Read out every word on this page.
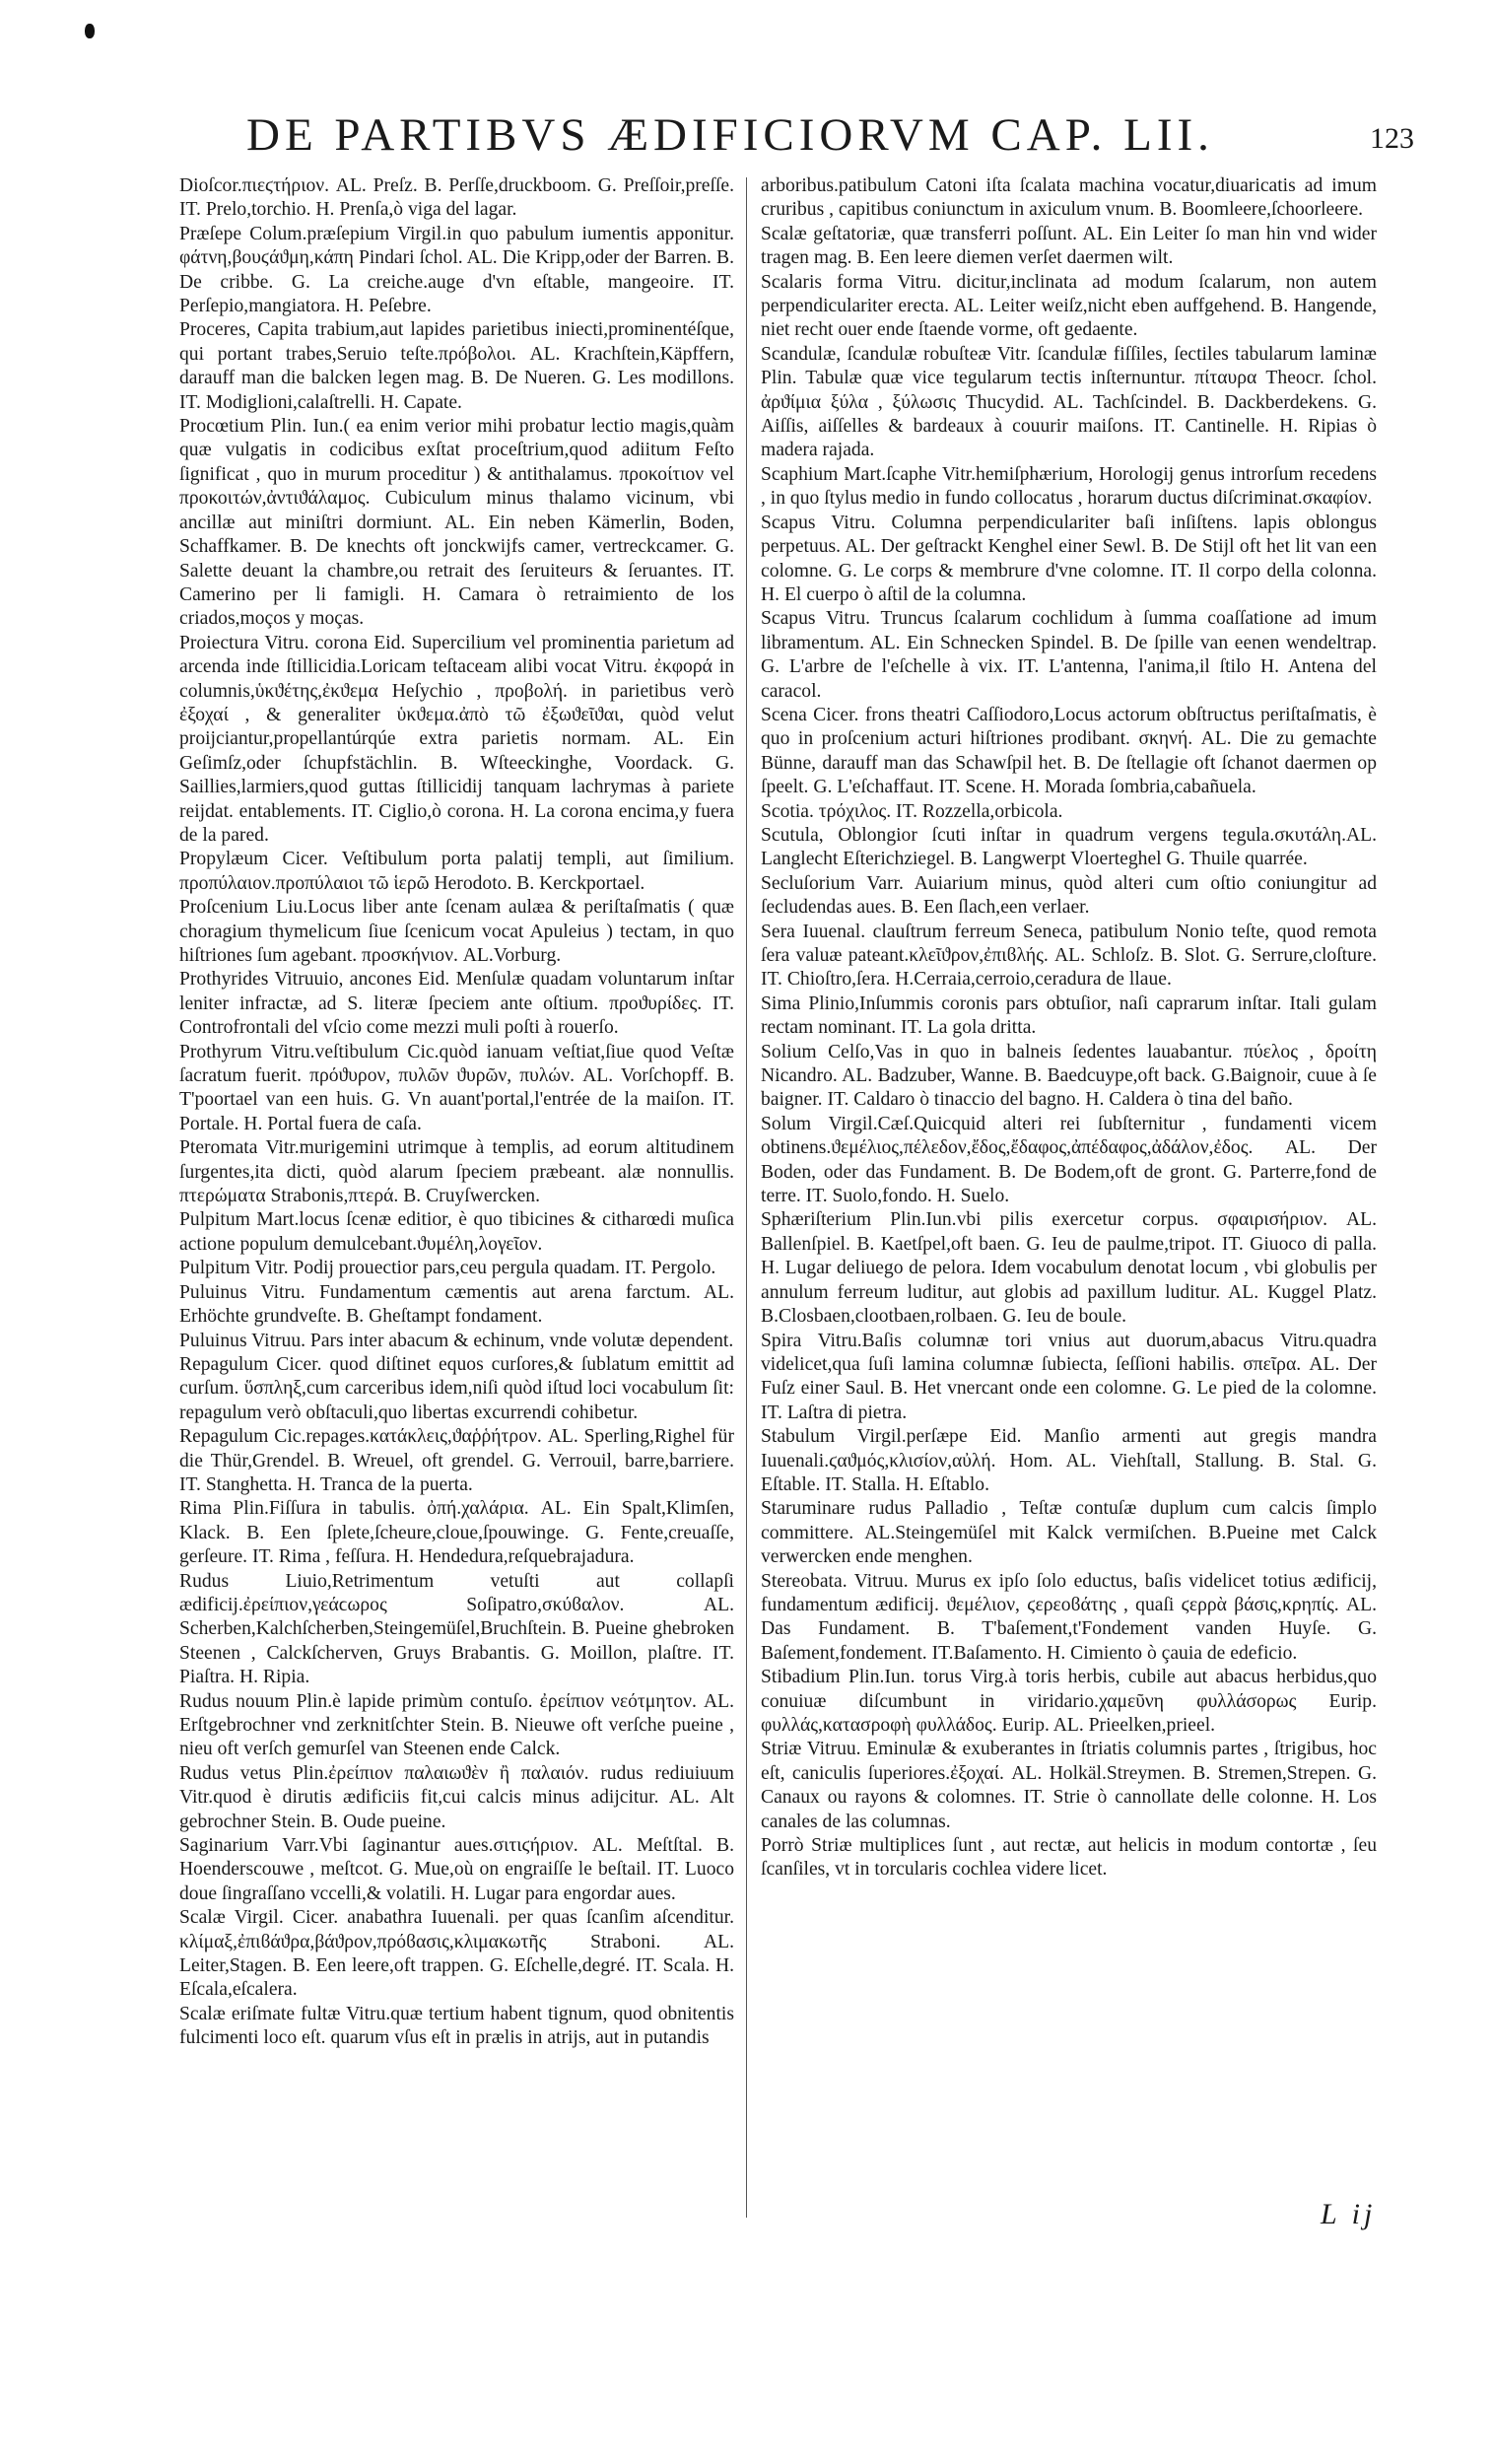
DE PARTIBVS ÆDIFICIORVM CAP. LII.	123

Dioſcor.πιεϛτήριον. AL. Preſz. B. Perſſe,druckboom. G. Preſſoir,preſſe. IT. Prelo,torchio. H. Prenſa,ò viga del lagar.

Præſepe Colum.præſepium Virgil.in quo pabulum iumentis apponitur. φάτνη,βουϛάϑμη,κάπη Pindari ſchol. AL. Die Kripp,oder der Barren. B. De cribbe. G. La creiche.auge d'vn eſtable, mangeoire. IT. Perſepio,mangiatora. H. Peſebre.

Proceres, Capita trabium,aut lapides parietibus iniecti,prominentéſque, qui portant trabes,Seruio teſte.πρόβολοι. AL. Krachſtein,Käpffern, darauff man die balcken legen mag. B. De Nueren. G. Les modillons. IT. Modiglioni,calaſtrelli. H. Capate.

Procœtium Plin. Iun.( ea enim verior mihi probatur lectio magis,quàm quæ vulgatis in codicibus exſtat proceſtrium,quod adiitum Feſto ſignificat , quo in murum proceditur ) & antithalamus. προκοίτιον vel προκοιτών,ἀντιϑάλαμος. Cubiculum minus thalamo vicinum, vbi ancillæ aut miniſtri dormiunt. AL. Ein neben Kämerlin, Boden, Schaffkamer. B. De knechts oft jonckwijfs camer, vertreckcamer. G. Salette deuant la chambre,ou retrait des ſeruiteurs & ſeruantes. IT. Camerino per li famigli. H. Camara ò retraimiento de los criados,moços y moças.

Proiectura Vitru. corona Eid. Supercilium vel prominentia parietum ad arcenda inde ſtillicidia.Loricam teſtaceam alibi vocat Vitru. ἐκφορά in columnis,ὑκϑέτης,ἐκϑεμα Heſychio , προβολή. in parietibus verò ἐξοχαί , & generaliter ὑκϑεμα.ἀπὸ τῶ ἐξωϑεῖϑαι, quòd velut proijciantur,propellantúrqúe extra parietis normam. AL. Ein Geſimſz,oder ſchupfstächlin. B. Wſteeckinghe, Voordack. G. Saillies,larmiers,quod guttas ſtillicidij tanquam lachrymas à pariete reijdat. entablements. IT. Ciglio,ò corona. H. La corona encima,y fuera de la pared.

Propylæum Cicer. Veſtibulum porta palatij templi, aut ſimilium. προπύλαιον.προπύλαιοι τῶ ἱερῶ Herodoto. B. Kerckportael.

Proſcenium Liu.Locus liber ante ſcenam aulæa & periſtaſmatis ( quæ choragium thymelicum ſiue ſcenicum vocat Apuleius ) tectam, in quo hiſtriones ſum agebant. προσκήνιον. AL.Vorburg.

Prothyrides Vitruuio, ancones Eid. Menſulæ quadam voluntarum inſtar leniter infractæ, ad S. literæ ſpeciem ante oſtium. προϑυρίδες. IT. Controfrontali del vſcio come mezzi muli poſti à rouerſo.

Prothyrum Vitru.veſtibulum Cic.quòd ianuam veſtiat,ſiue quod Veſtæ ſacratum fuerit. πρόϑυρον, πυλῶν ϑυρῶν, πυλών. AL. Vorſchopff. B. T'poortael van een huis. G. Vn auant'portal,l'entrée de la maiſon. IT. Portale. H. Portal fuera de caſa.

Pteromata Vitr.murigemini utrimque à templis, ad eorum altitudinem ſurgentes,ita dicti, quòd alarum ſpeciem præbeant. alæ nonnullis. πτερώματα Strabonis,πτερά. B. Cruyſwercken.

Pulpitum Mart.locus ſcenæ editior, è quo tibicines & citharœdi muſica actione populum demulcebant.ϑυμέλη,λογεῖον.

Pulpitum Vitr. Podij prouectior pars,ceu pergula quadam. IT. Pergolo.

Puluinus Vitru. Fundamentum cæmentis aut arena farctum. AL. Erhöchte grundveſte. B. Gheſtampt fondament.

Puluinus Vitruu. Pars inter abacum & echinum, vnde volutæ dependent.

Repagulum Cicer. quod diſtinet equos curſores,& ſublatum emittit ad curſum. ὕσπληξ,cum carceribus idem,niſi quòd iſtud loci vocabulum ſit: repagulum verò obſtaculi,quo libertas excurrendi cohibetur.

Repagulum Cic.repages.κατάκλεις,ϑαῥῥήτρον. AL. Sperling,Righel für die Thür,Grendel. B. Wreuel, oft grendel. G. Verrouil, barre,barriere. IT. Stanghetta. H. Tranca de la puerta.

Rima Plin.Fiſſura in tabulis. ὀπή.χαλάρια. AL. Ein Spalt,Klimſen, Klack. B. Een ſplete,ſcheure,cloue,ſpouwinge. G. Fente,creuaſſe, gerſeure. IT. Rima , feſſura. H. Hendedura,reſquebrajadura.

Rudus	Liuio,Retrimentum vetuſti aut collapſi ædificij.ἐρείπιον,γεάϲωρος Soſipatro,σκύϐαλον. AL. Scherben,Kalchſcherben,Steingemüſel,Bruchſtein. B. Pueine ghebroken Steenen , Calckſcherven, Gruys Brabantis. G. Moillon, plaſtre. IT. Piaſtra. H. Ripia.

Rudus nouum Plin.è lapide primùm contuſo. ἐρείπιον νεότμητον. AL. Erſtgebrochner vnd zerknitſchter Stein. B. Nieuwe oft verſche pueine , nieu oft verſch gemurſel van Steenen ende Calck.

Rudus vetus Plin.ἐρείπιον παλαιωϑὲν ἢ παλαιόν. rudus rediuiuum Vitr.quod è dirutis ædificiis fit,cui calcis minus adijcitur. AL. Alt gebrochner Stein. B. Oude pueine.

Saginarium Varr.Vbi ſaginantur aues.σιτιϛήριον. AL. Meſtſtal. B. Hoenderscouwe , meſtcot. G. Mue,où on engraiſſe le beſtail. IT. Luoco doue ſingraſſano vccelli,& volatili. H. Lugar para engordar aues.

Scalæ Virgil. Cicer. anabathra Iuuenali. per quas ſcanſim aſcenditur. κλίμαξ,ἐπιϐάϑρα,βάϑρον,πρόϐασις,κλιμακωτῆς Straboni. AL. Leiter,Stagen. B. Een leere,oft trappen. G. Eſchelle,degré. IT. Scala. H. Eſcala,eſcalera.

Scalæ eriſmate fultæ Vitru.quæ tertium habent tignum, quod obnitentis fulcimenti loco eſt. quarum vſus eſt in prælis in atrijs, aut in putandis

arboribus.patibulum Catoni iſta ſcalata machina vocatur,diuaricatis ad imum cruribus , capitibus coniunctum in axiculum vnum. B. Boomleere,ſchoorleere.

Scalæ geſtatoriæ, quæ transferri poſſunt. AL. Ein Leiter ſo man hin vnd wider tragen mag. B. Een leere diemen verſet daermen wilt.

Scalaris forma Vitru. dicitur,inclinata ad modum ſcalarum, non autem perpendiculariter erecta. AL. Leiter weiſz,nicht eben auffgehend. B. Hangende, niet recht ouer ende ſtaende vorme, oft gedaente.

Scandulæ, ſcandulæ robuſteæ Vitr. ſcandulæ fiſſiles, ſectiles tabularum laminæ Plin. Tabulæ quæ vice tegularum tectis inſternuntur. πίταυρα Theocr. ſchol. ἀρϑίμια ξύλα , ξύλωσις Thucydid. AL. Tachſcindel. B. Dackberdekens. G. Aiſſis, aiſſelles & bardeaux à couurir maiſons. IT. Cantinelle. H. Ripias ò madera rajada.

Scaphium Mart.ſcaphe Vitr.hemiſphærium, Horologij genus introrſum recedens , in quo ſtylus medio in fundo collocatus , horarum ductus diſcriminat.σκαφίον.

Scapus Vitru. Columna perpendiculariter baſi inſiſtens. lapis oblongus perpetuus. AL. Der geſtrackt Kenghel einer Sewl. B. De Stijl oft het lit van een colomne. G. Le corps & membrure d'vne colomne. IT. Il corpo della colonna. H. El cuerpo ò aſtil de la columna.

Scapus Vitru. Truncus ſcalarum cochlidum à ſumma coaſſatione ad imum libramentum. AL. Ein Schnecken Spindel. B. De ſpille van eenen wendeltrap. G. L'arbre de l'eſchelle à vix. IT. L'antenna, l'anima,il ſtilo H. Antena del caracol.

Scena Cicer. frons theatri Caſſiodoro,Locus actorum obſtructus periſtaſmatis, è quo in proſcenium acturi hiſtriones prodibant. σκηνή. AL. Die zu gemachte Bünne, darauff man das Schawſpil het. B. De ſtellagie oft ſchanot daermen op ſpeelt. G. L'eſchaffaut. IT. Scene. H. Morada ſombria,cabañuela.

Scotia. τρόχιλος. IT. Rozzella,orbicola.

Scutula, Oblongior ſcuti inſtar in quadrum vergens tegula.σκυτάλη.AL. Langlecht Eſterichziegel. B. Langwerpt Vloerteghel G. Thuile quarrée.

Secluſorium Varr. Auiarium minus, quòd alteri cum oſtio coniungitur ad ſecludendas aues. B. Een ſlach,een verlaer.

Sera Iuuenal. clauſtrum ferreum Seneca, patibulum Nonio teſte, quod remota ſera valuæ pateant.κλεῖϑρον,ἐπιϐλής. AL. Schloſz. B. Slot. G. Serrure,cloſture. IT. Chioſtro,ſera. H.Cerraia,cerroio,ceradura de llaue.

Sima Plinio,Inſummis coronis pars obtuſior, naſi caprarum inſtar. Itali gulam rectam nominant. IT. La gola dritta.

Solium Celſo,Vas in quo in balneis ſedentes lauabantur. πύελος , δροίτη Nicandro. AL. Badzuber, Wanne. B. Baedcuype,oft back. G.Baignoir, cuue à ſe baigner. IT. Caldaro ò tinaccio del bagno. H. Caldera ò tina del baño.

Solum Virgil.Cæſ.Quicquid alteri rei ſubſternitur , fundamenti vicem obtinens.ϑεμέλιος,πέλεδον,ἔδος,ἔδαφος,ἀπέδαφος,ἀδάλον,ἐδος. AL. Der Boden, oder das Fundament. B. De Bodem,oft de gront. G. Parterre,fond de terre. IT. Suolo,fondo. H. Suelo.

Sphæriſterium Plin.Iun.vbi pilis exercetur corpus. σφαιρισήριον. AL. Ballenſpiel. B. Kaetſpel,oft baen. G. Ieu de paulme,tripot. IT. Giuoco di palla. H. Lugar deliuego de pelora. Idem vocabulum denotat locum , vbi globulis per annulum ferreum luditur, aut globis ad paxillum luditur. AL. Kuggel Platz. B.Closbaen,clootbaen,rolbaen. G. Ieu de boule.

Spira Vitru.Baſis columnæ tori vnius aut duorum,abacus Vitru.quadra videlicet,qua ſuſi lamina columnæ ſubiecta, ſeſſioni habilis. σπεῖρα. AL. Der Fuſz einer Saul. B. Het vnercant onde een colomne. G. Le pied de la colomne. IT. Laſtra di pietra.

Stabulum Virgil.perſæpe Eid. Manſio armenti aut gregis mandra Iuuenali.ϛαϑμός,κλισίον,αὐλή. Hom. AL. Viehſtall, Stallung. B. Stal. G. Eſtable. IT. Stalla. H. Eſtablo.

Staruminare rudus Palladio , Teſtæ contuſæ duplum cum calcis ſimplo committere. AL.Steingemüſel mit Kalck vermiſchen. B.Pueine met Calck verwercken ende menghen.

Stereobata. Vitruu. Murus ex ipſo ſolo eductus, baſis videlicet totius ædificij, fundamentum ædificij. ϑεμέλιον, ϛερεοϐάτης , quaſi ϛερρὰ βάσις,κρηπίς. AL. Das Fundament. B. T'baſement,t'Fondement vanden Huyſe. G. Baſement,fondement. IT.Baſamento. H. Cimiento ò çauia de edeficio.

Stibadium Plin.Iun. torus Virg.à toris herbis, cubile aut abacus herbidus,quo conuiuæ diſcumbunt in viridario.χαμεῦνη φυλλάσορως Eurip. φυλλάς,κατασροφὴ φυλλάδος. Eurip. AL. Prieelken,prieel.

Striæ Vitruu. Eminulæ & exuberantes in ſtriatis columnis partes , ſtrigibus, hoc eſt, caniculis ſuperiores.ἐξοχαί. AL. Holkäl.Streymen. B. Stremen,Strepen. G. Canaux ou rayons & colomnes. IT. Strie ò cannollate delle colonne. H. Los canales de las columnas.

Porrò Striæ multiplices ſunt , aut rectæ, aut helicis in modum contortæ , ſeu ſcanſiles, vt in torcularis cochlea videre licet.

L ij
